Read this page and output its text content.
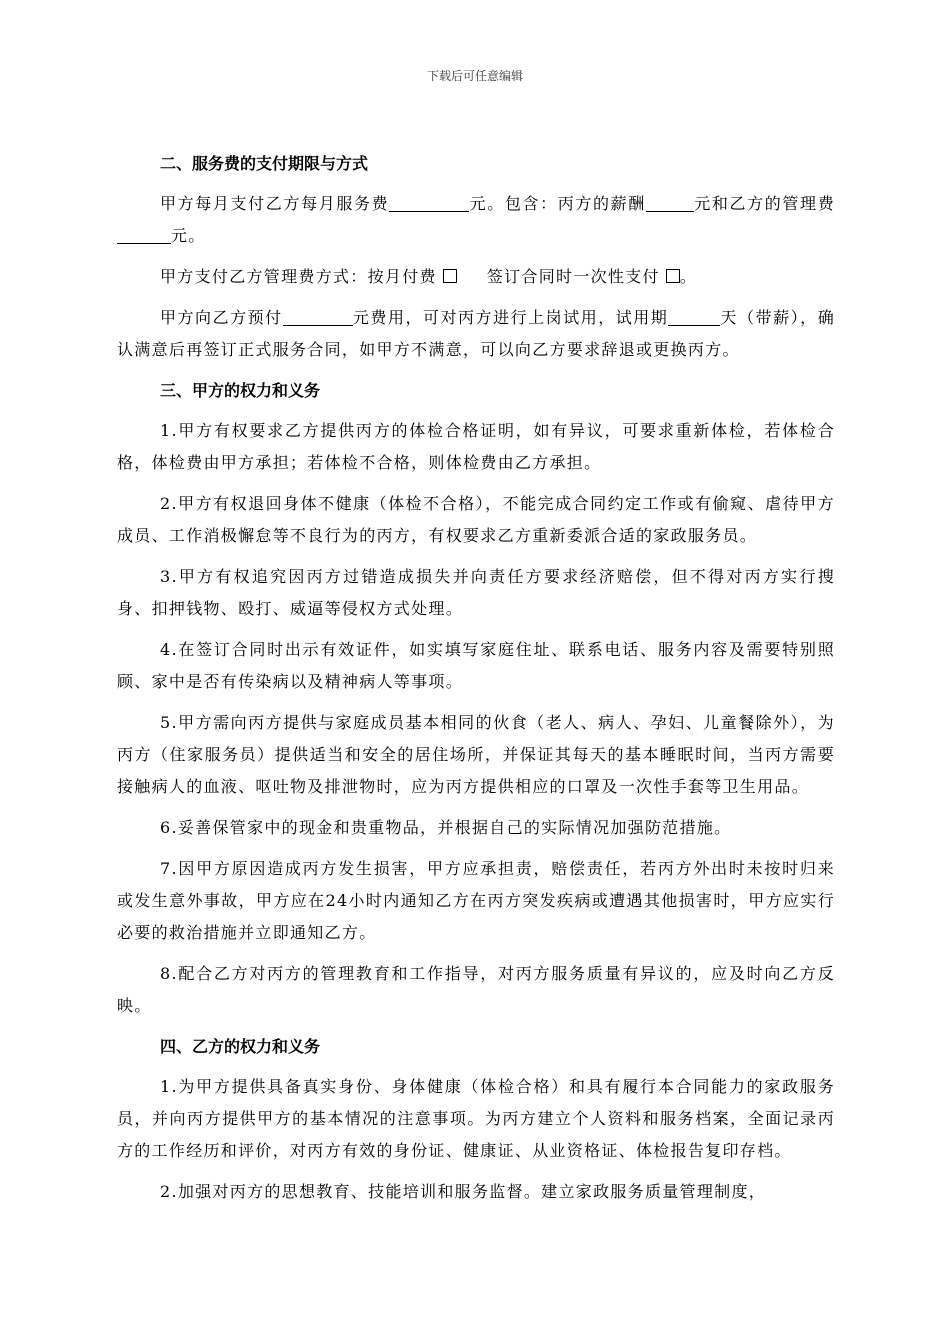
下载后可任意编辑
二、服务费的支付期限与方式

甲方每月支付乙方每月服务费	元。包含：丙方的薪酬	元和乙方的管理费元。

甲方支付乙方管理费方式：按月付费	签订合同时一次性支付 。

甲方向乙方预付	元费用，可对丙方进行上岗试用，试用期	天（带薪），确认满意后再签订正式服务合同，如甲方不满意，可以向乙方要求辞退或更换丙方。

三、甲方的权力和义务

1.甲方有权要求乙方提供丙方的体检合格证明，如有异议，可要求重新体检，若体检合格，体检费由甲方承担；若体检不合格，则体检费由乙方承担。

2.甲方有权退回身体不健康（体检不合格），不能完成合同约定工作或有偷窥、虐待甲方成员、工作消极懈怠等不良行为的丙方，有权要求乙方重新委派合适的家政服务员。

3.甲方有权追究因丙方过错造成损失并向责任方要求经济赔偿，但不得对丙方实行搜身、扣押钱物、殴打、威逼等侵权方式处理。

4.在签订合同时出示有效证件，如实填写家庭住址、联系电话、服务内容及需要特别照顾、家中是否有传染病以及精神病人等事项。

5.甲方需向丙方提供与家庭成员基本相同的伙食（老人、病人、孕妇、儿童餐除外），为丙方（住家服务员）提供适当和安全的居住场所，并保证其每天的基本睡眠时间，当丙方需要接触病人的血液、呕吐物及排泄物时，应为丙方提供相应的口罩及一次性手套等卫生用品。

6.妥善保管家中的现金和贵重物品，并根据自己的实际情况加强防范措施。

7.因甲方原因造成丙方发生损害，甲方应承担责，赔偿责任，若丙方外出时未按时归来或发生意外事故，甲方应在24小时内通知乙方在丙方突发疾病或遭遇其他损害时，甲方应实行必要的救治措施并立即通知乙方。

8.配合乙方对丙方的管理教育和工作指导，对丙方服务质量有异议的，应及时向乙方反映。

四、乙方的权力和义务

1.为甲方提供具备真实身份、身体健康（体检合格）和具有履行本合同能力的家政服务员，并向丙方提供甲方的基本情况的注意事项。为丙方建立个人资料和服务档案，全面记录丙方的工作经历和评价，对丙方有效的身份证、健康证、从业资格证、体检报告复印存档。

2.加强对丙方的思想教育、技能培训和服务监督。建立家政服务质量管理制度，
